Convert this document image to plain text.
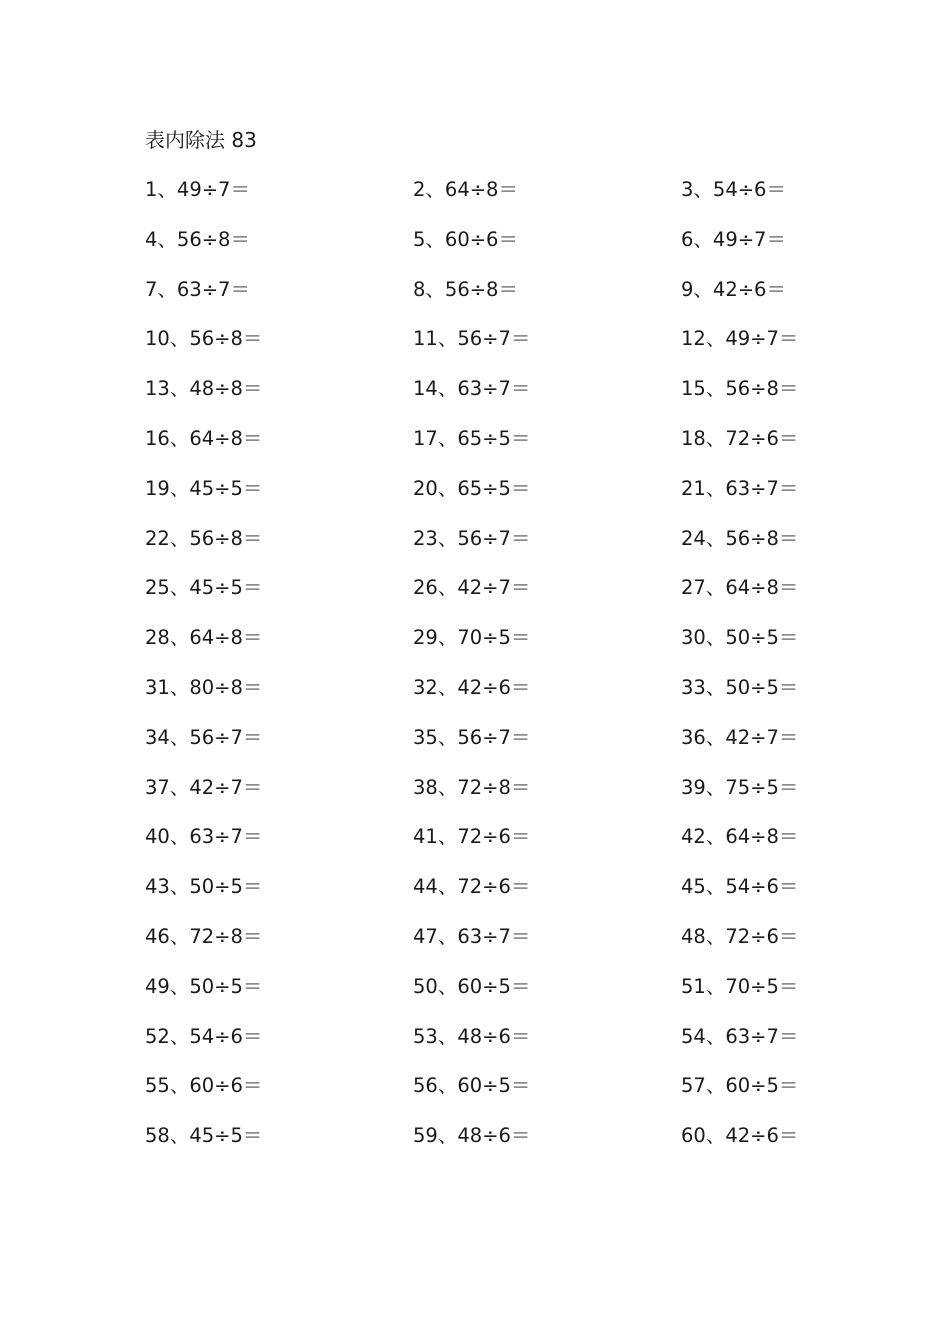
表内除法 83
1、49÷7＝	2、64÷8＝	3、54÷6＝
4、56÷8＝	5、60÷6＝	6、49÷7＝
7、63÷7＝	8、56÷8＝	9、42÷6＝
10、56÷8＝	11、56÷7＝	12、49÷7＝
13、48÷8＝	14、63÷7＝	15、56÷8＝
16、64÷8＝	17、65÷5＝	18、72÷6＝
19、45÷5＝	20、65÷5＝	21、63÷7＝
22、56÷8＝	23、56÷7＝	24、56÷8＝
25、45÷5＝	26、42÷7＝	27、64÷8＝
28、64÷8＝	29、70÷5＝	30、50÷5＝
31、80÷8＝	32、42÷6＝	33、50÷5＝
34、56÷7＝	35、56÷7＝	36、42÷7＝
37、42÷7＝	38、72÷8＝	39、75÷5＝
40、63÷7＝	41、72÷6＝	42、64÷8＝
43、50÷5＝	44、72÷6＝	45、54÷6＝
46、72÷8＝	47、63÷7＝	48、72÷6＝
49、50÷5＝	50、60÷5＝	51、70÷5＝
52、54÷6＝	53、48÷6＝	54、63÷7＝
55、60÷6＝	56、60÷5＝	57、60÷5＝
58、45÷5＝	59、48÷6＝	60、42÷6＝
